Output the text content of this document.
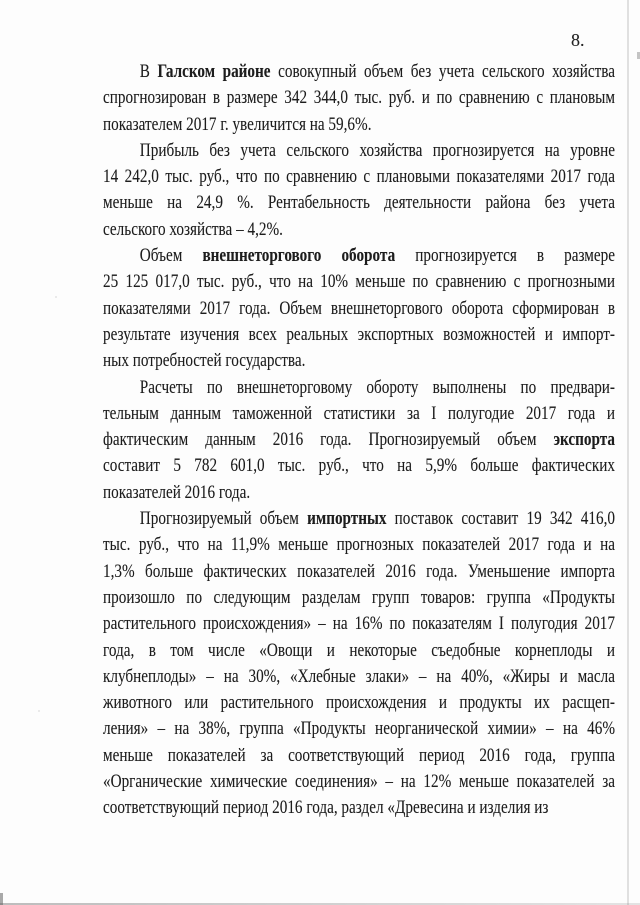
8.
В Галском районе совокупный объем без учета сельского хозяйства
спрогнозирован в размере 342 344,0 тыс. руб. и по сравнению с плановым
показателем 2017 г. увеличится на 59,6%.
Прибыль без учета сельского хозяйства прогнозируется на уровне
14 242,0 тыс. руб., что по сравнению с плановыми показателями 2017 года
меньше на 24,9 %. Рентабельность деятельности района без учета
сельского хозяйства – 4,2%.
Объем внешнеторгового оборота прогнозируется в размере
25 125 017,0 тыс. руб., что на 10% меньше по сравнению с прогнозными
показателями 2017 года. Объем внешнеторгового оборота сформирован в
результате изучения всех реальных экспортных возможностей и импорт-
ных потребностей государства.
Расчеты по внешнеторговому обороту выполнены по предвари-
тельным данным таможенной статистики за I полугодие 2017 года и
фактическим данным 2016 года. Прогнозируемый объем экспорта
составит 5 782 601,0 тыс. руб., что на 5,9% больше фактических
показателей 2016 года.
Прогнозируемый объем импортных поставок составит 19 342 416,0
тыс. руб., что на 11,9% меньше прогнозных показателей 2017 года и на
1,3% больше фактических показателей 2016 года. Уменьшение импорта
произошло по следующим разделам групп товаров: группа «Продукты
растительного происхождения» – на 16% по показателям I полугодия 2017
года, в том числе «Овощи и некоторые съедобные корнеплоды и
клубнеплоды» – на 30%, «Хлебные злаки» – на 40%, «Жиры и масла
животного или растительного происхождения и продукты их расщеп-
ления» – на 38%, группа «Продукты неорганической химии» – на 46%
меньше показателей за соответствующий период 2016 года, группа
«Органические химические соединения» – на 12% меньше показателей за
соответствующий период 2016 года, раздел «Древесина и изделия из
